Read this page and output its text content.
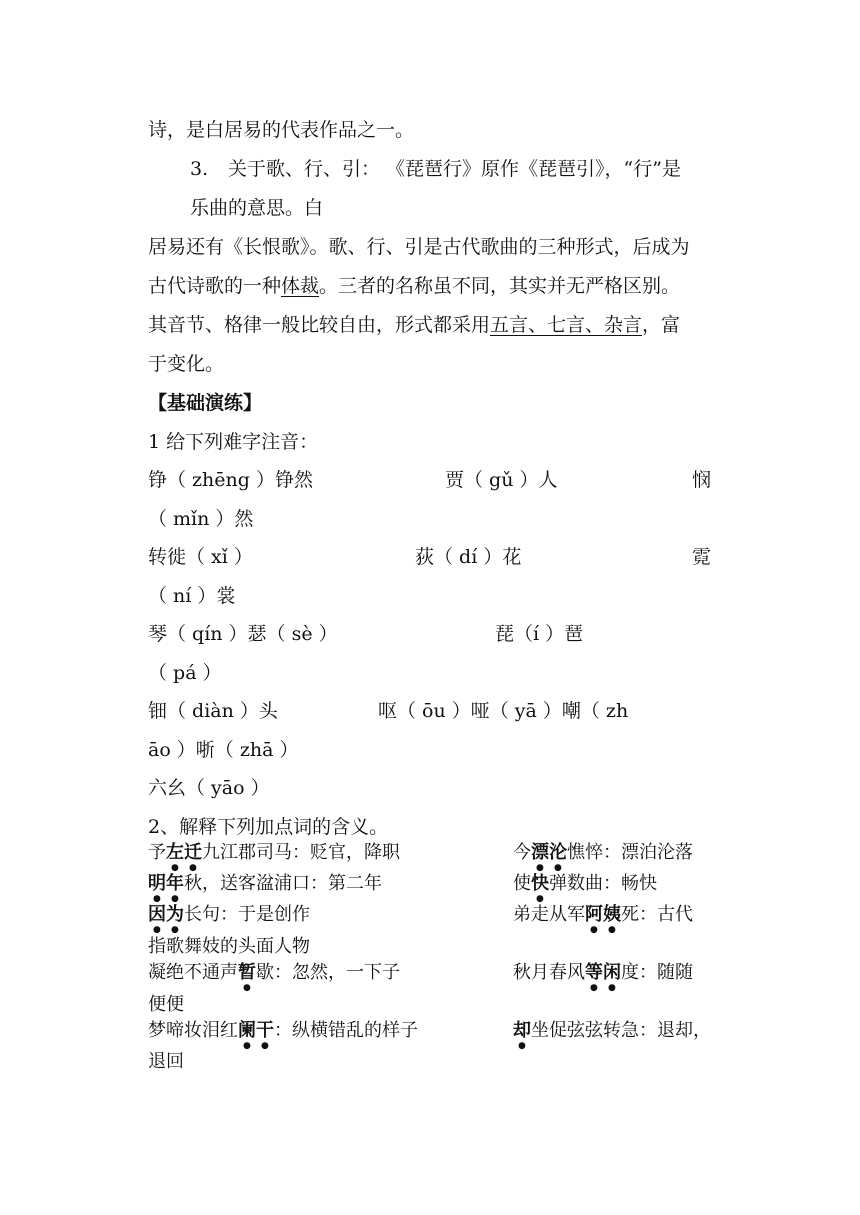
诗，是白居易的代表作品之一。
3. 关于歌、行、引： 《琵琶行》原作《琵琶引》，“行”是
乐曲的意思。白
居易还有《长恨歌》。歌、行、引是古代歌曲的三种形式，后成为
古代诗歌的一种体裁。三者的名称虽不同，其实并无严格区别。
其音节、格律一般比较自由，形式都采用五言、七言、杂言，富
于变化。
【基础演练】
1 给下列难字注音：
铮（ zhēng ）铮然	贾（ gǔ ）人	悯
（ mǐn ）然
转徙（ xǐ ）	荻（ dí ）花	霓
（ ní ）裳
琴（ qín ）瑟（ sè ）	琵（í ）琶
（ pá ）
钿（ diàn ）头	呕（ ōu ）哑（ yā ）嘲（ zh
āo ）哳（ zhā ）
六幺（ yāo ）
2、解释下列加点词的含义。
予左迁九江郡司马：贬官，降职	今漂沦憔悴：漂泊沦落
明年秋，送客湓浦口：第二年	使快弹数曲：畅快
因为长句：于是创作	弟走从军阿姨死：古代
指歌舞妓的头面人物
凝绝不通声暂歇：忽然，一下子	秋月春风等闲度：随随
便便
梦啼妆泪红阑干：纵横错乱的样子	却坐促弦弦转急：退却，
退回
